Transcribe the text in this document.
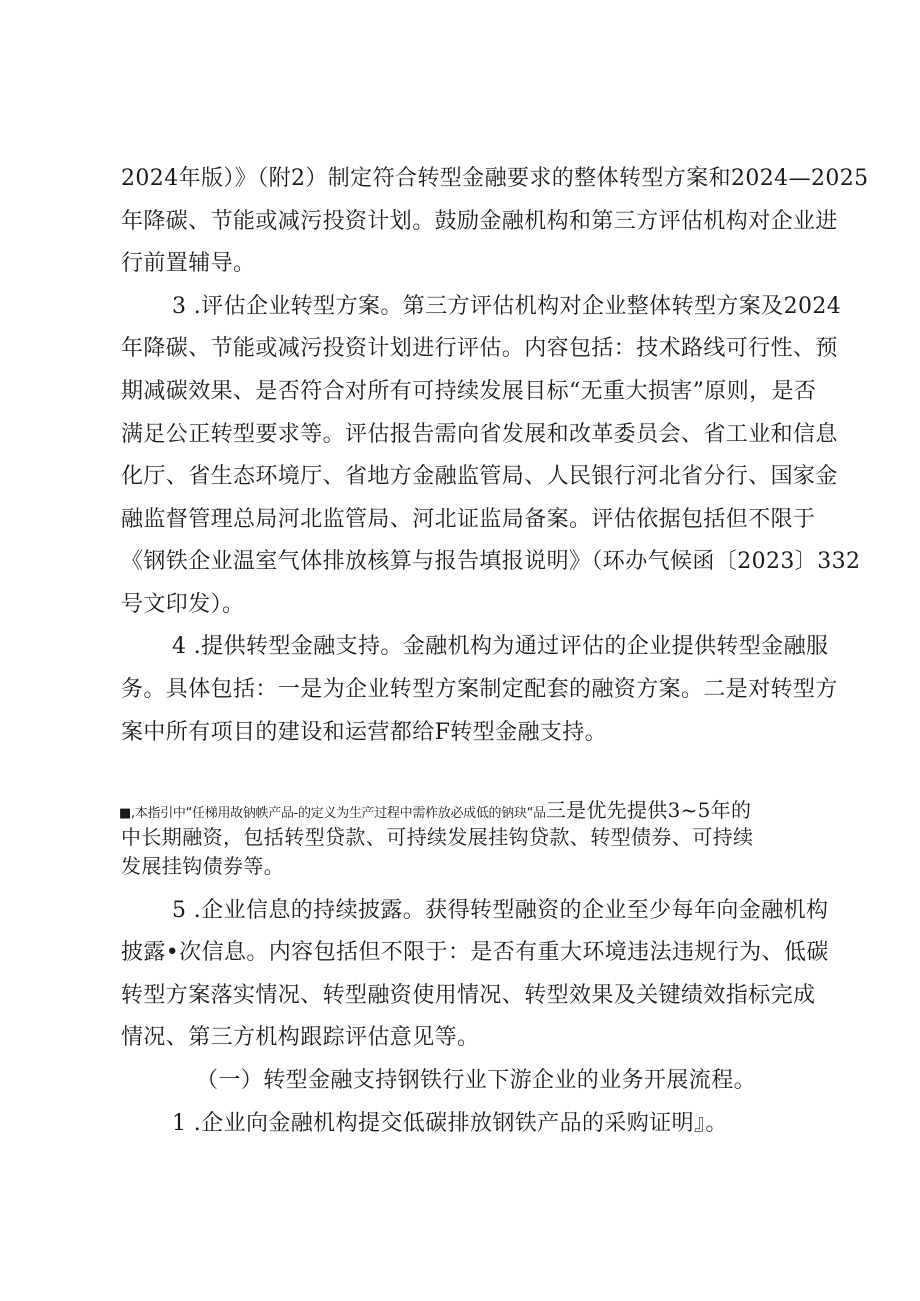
2024年版）》（附2）制定符合转型金融要求的整体转型方案和2024—2025
年降碳、节能或减污投资计划。鼓励金融机构和第三方评估机构对企业进
行前置辅导。
3 .评估企业转型方案。第三方评估机构对企业整体转型方案及2024
年降碳、节能或减污投资计划进行评估。内容包括：技术路线可行性、预
期减碳效果、是否符合对所有可持续发展目标“无重大损害”原则，是否
满足公正转型要求等。评估报告需向省发展和改革委员会、省工业和信息
化厅、省生态环境厅、省地方金融监管局、人民银行河北省分行、国家金
融监督管理总局河北监管局、河北证监局备案。评估依据包括但不限于
《钢铁企业温室气体排放核算与报告填报说明》（环办气候函〔2023〕332
号文印发）。
4 .提供转型金融支持。金融机构为通过评估的企业提供转型金融服
务。具体包括：一是为企业转型方案制定配套的融资方案。二是对转型方
案中所有项目的建设和运营都给F转型金融支持。
■,本指引中“任梯用故钠帙产品-的定义为生产过程中需柞放必成低的钠玦“品三是优先提供3~5年的
中长期融资，包括转型贷款、可持续发展挂钩贷款、转型债券、可持续
发展挂钩债券等。
5 .企业信息的持续披露。获得转型融资的企业至少每年向金融机构
披露•次信息。内容包括但不限于：是否有重大环境违法违规行为、低碳
转型方案落实情况、转型融资使用情况、转型效果及关键绩效指标完成
情况、第三方机构跟踪评估意见等。
（一）转型金融支持钢铁行业下游企业的业务开展流程。
1 .企业向金融机构提交低碳排放钢铁产品的采购证明』。
